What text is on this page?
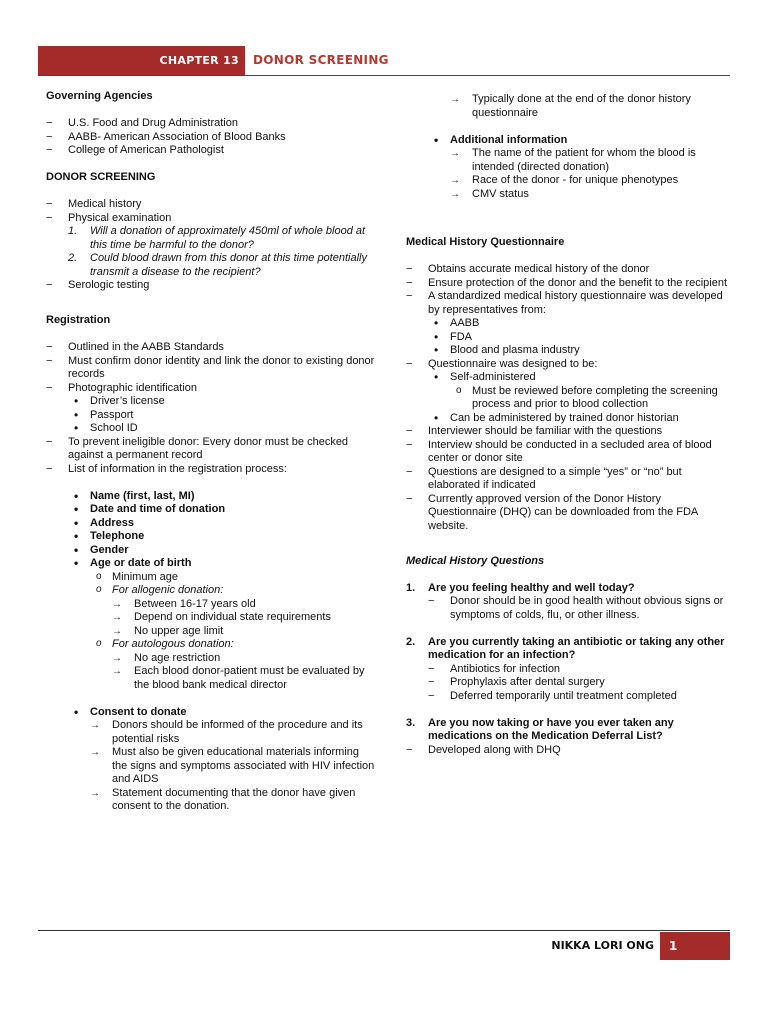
CHAPTER 13	DONOR SCREENING

Governing Agencies

− U.S. Food and Drug Administration
− AABB- American Association of Blood Banks
− College of American Pathologist

DONOR SCREENING

− Medical history
− Physical examination
1. Will a donation of approximately 450ml of whole blood at this time be harmful to the donor?
2. Could blood drawn from this donor at this time potentially transmit a disease to the recipient?
− Serologic testing

Registration

− Outlined in the AABB Standards
− Must confirm donor identity and link the donor to existing donor records
− Photographic identification
• Driver’s license
• Passport
• School ID
− To prevent ineligible donor: Every donor must be checked against a permanent record
− List of information in the registration process:
• Name (first, last, MI)
• Date and time of donation
• Address
• Telephone
• Gender
• Age or date of birth
o Minimum age
o For allogenic donation:
→ Between 16-17 years old
→ Depend on individual state requirements
→ No upper age limit
o For autologous donation:
→ No age restriction
→ Each blood donor-patient must be evaluated by the blood bank medical director
• Consent to donate
→ Donors should be informed of the procedure and its potential risks
→ Must also be given educational materials informing the signs and symptoms associated with HIV infection and AIDS
→ Statement documenting that the donor have given consent to the donation.
→ Typically done at the end of the donor history questionnaire
• Additional information
→ The name of the patient for whom the blood is intended (directed donation)
→ Race of the donor - for unique phenotypes
→ CMV status

Medical History Questionnaire

− Obtains accurate medical history of the donor
− Ensure protection of the donor and the benefit to the recipient
− A standardized medical history questionnaire was developed by representatives from:
• AABB
• FDA
• Blood and plasma industry
− Questionnaire was designed to be:
• Self-administered
o Must be reviewed before completing the screening process and prior to blood collection
• Can be administered by trained donor historian
− Interviewer should be familiar with the questions
− Interview should be conducted in a secluded area of blood center or donor site
− Questions are designed to a simple “yes” or “no” but elaborated if indicated
− Currently approved version of the Donor History Questionnaire (DHQ) can be downloaded from the FDA website.

Medical History Questions

1. Are you feeling healthy and well today?
− Donor should be in good health without obvious signs or symptoms of colds, flu, or other illness.
2. Are you currently taking an antibiotic or taking any other medication for an infection?
− Antibiotics for infection
− Prophylaxis after dental surgery
− Deferred temporarily until treatment completed
3. Are you now taking or have you ever taken any medications on the Medication Deferral List?
− Developed along with DHQ
NIKKA LORI ONG	1
